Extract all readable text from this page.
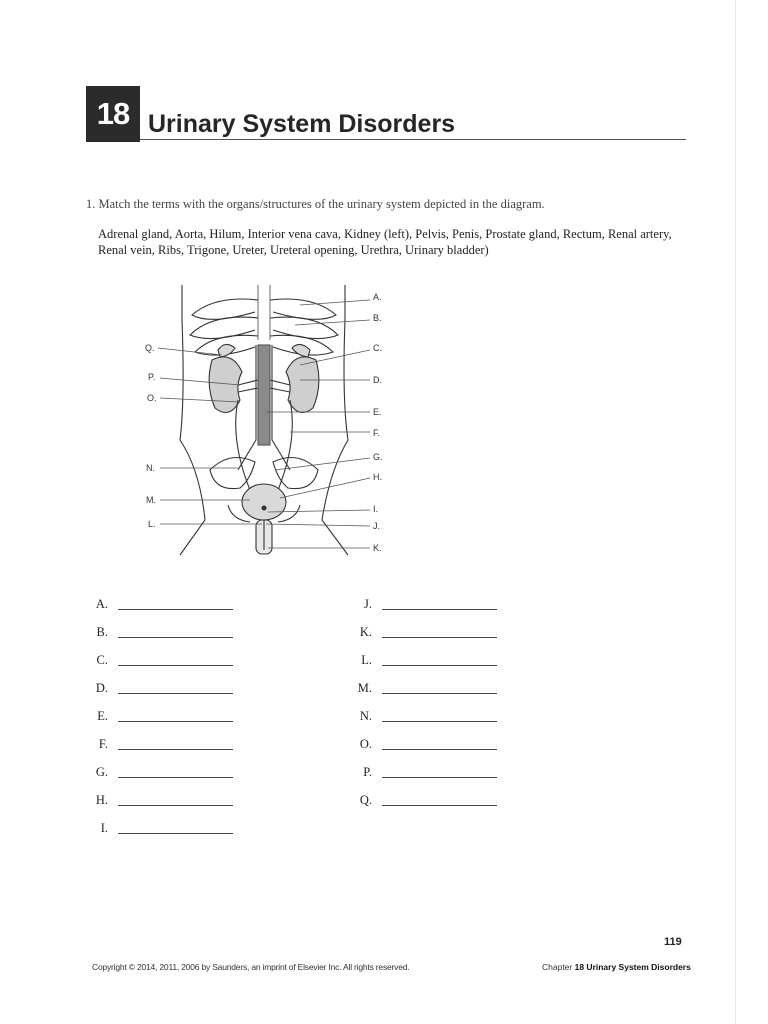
18 Urinary System Disorders
1. Match the terms with the organs/structures of the urinary system depicted in the diagram.
Adrenal gland, Aorta, Hilum, Interior vena cava, Kidney (left), Pelvis, Penis, Prostate gland, Rectum, Renal artery, Renal vein, Ribs, Trigone, Ureter, Ureteral opening, Urethra, Urinary bladder)
A.
B.
C.
D.
E.
F.
G.
H.
I.
J.
K.
Q.
P.
O.
N.
M.
L.
A.
B.
C.
D.
E.
F.
G.
H.
I.
J.
K.
L.
M.
N.
O.
P.
Q.
119
Copyright © 2014, 2011, 2006 by Saunders, an imprint of Elsevier Inc. All rights reserved.	Chapter 18 Urinary System Disorders
